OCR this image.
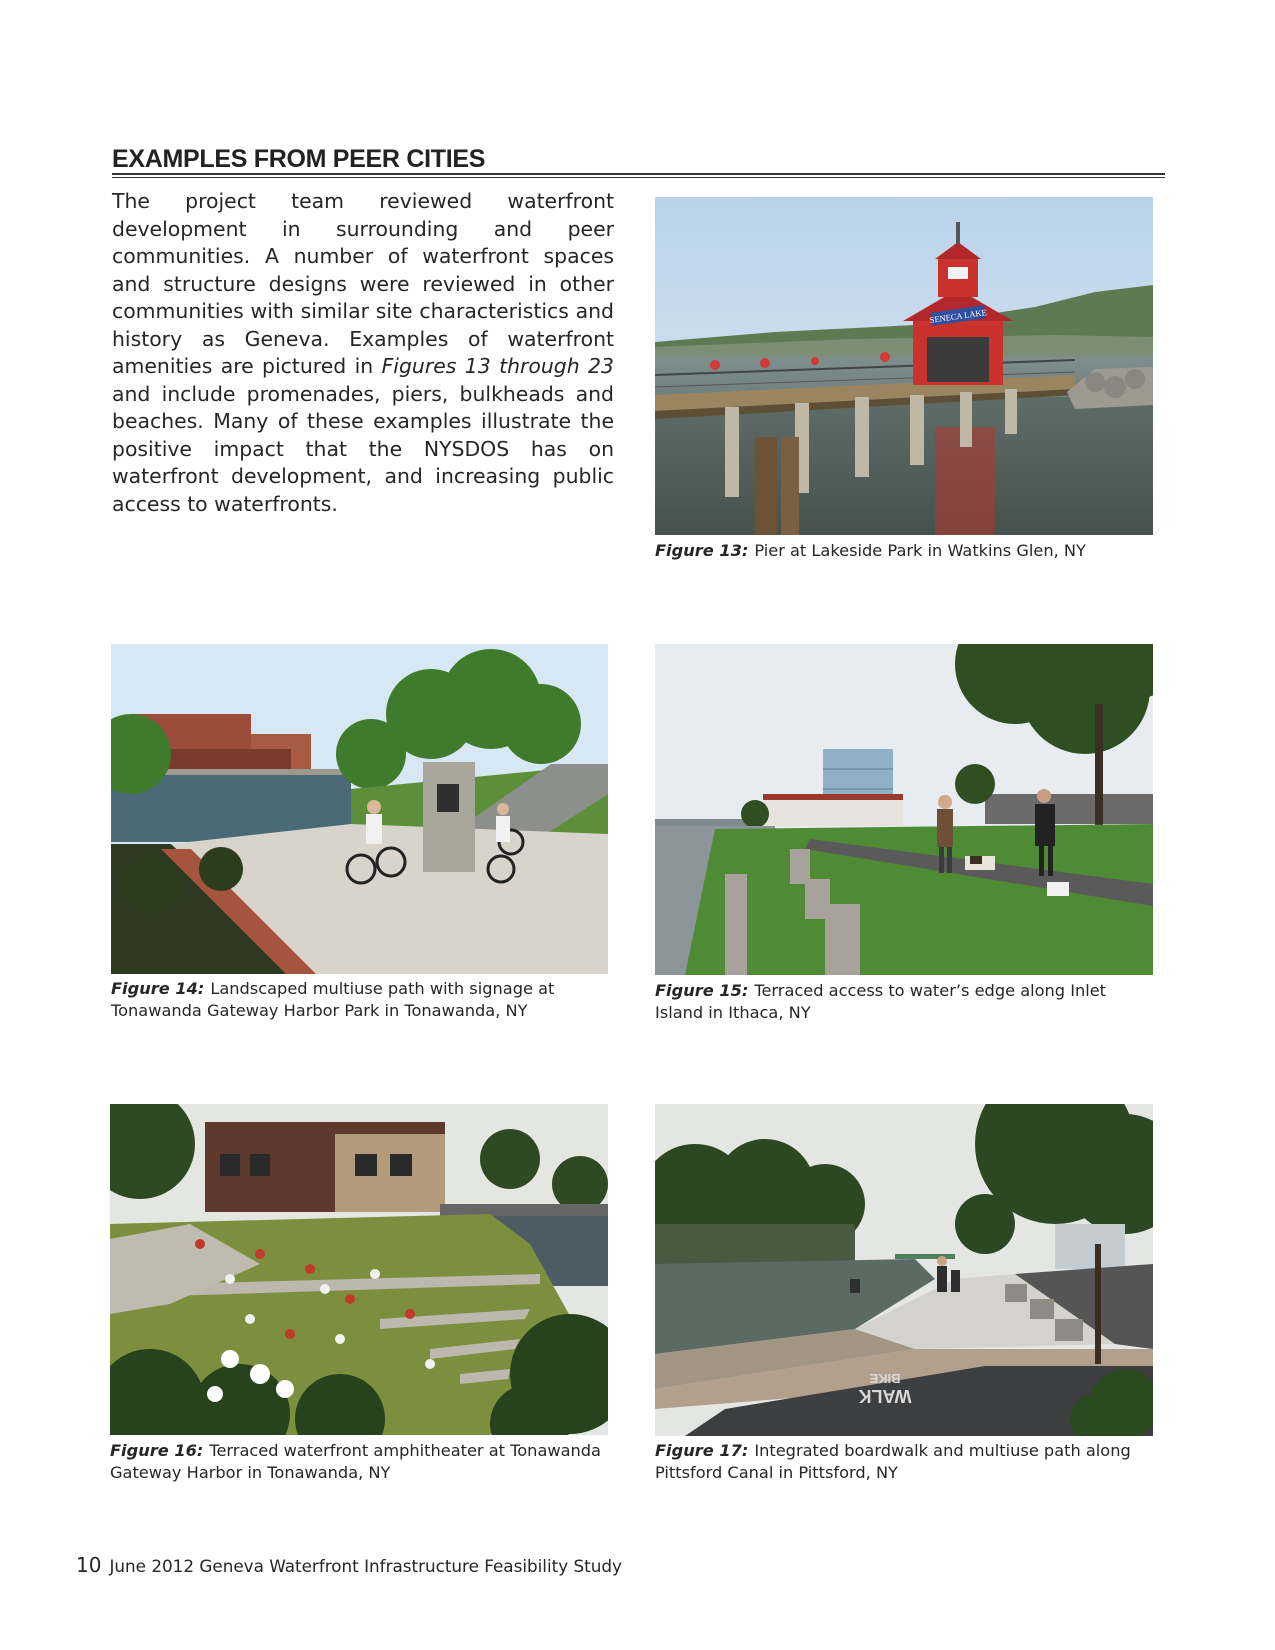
EXAMPLES FROM PEER CITIES

The project team reviewed waterfront development in surrounding and peer communities. A number of waterfront spaces and structure designs were reviewed in other communities with similar site characteristics and history as Geneva. Examples of waterfront amenities are pictured in Figures 13 through 23 and include promenades, piers, bulkheads and beaches. Many of these examples illustrate the positive impact that the NYSDOS has on waterfront development, and increasing public access to waterfronts.

SENECA LAKE
Figure 13: Pier at Lakeside Park in Watkins Glen, NY
Figure 14: Landscaped multiuse path with signage at Tonawanda Gateway Harbor Park in Tonawanda, NY
Figure 15: Terraced access to water’s edge along Inlet Island in Ithaca, NY
Figure 16: Terraced waterfront amphitheater at Tonawanda Gateway Harbor in Tonawanda, NY
WALK
BIKE
Figure 17: Integrated boardwalk and multiuse path along Pittsford Canal in Pittsford, NY
10 June 2012 Geneva Waterfront Infrastructure Feasibility Study
